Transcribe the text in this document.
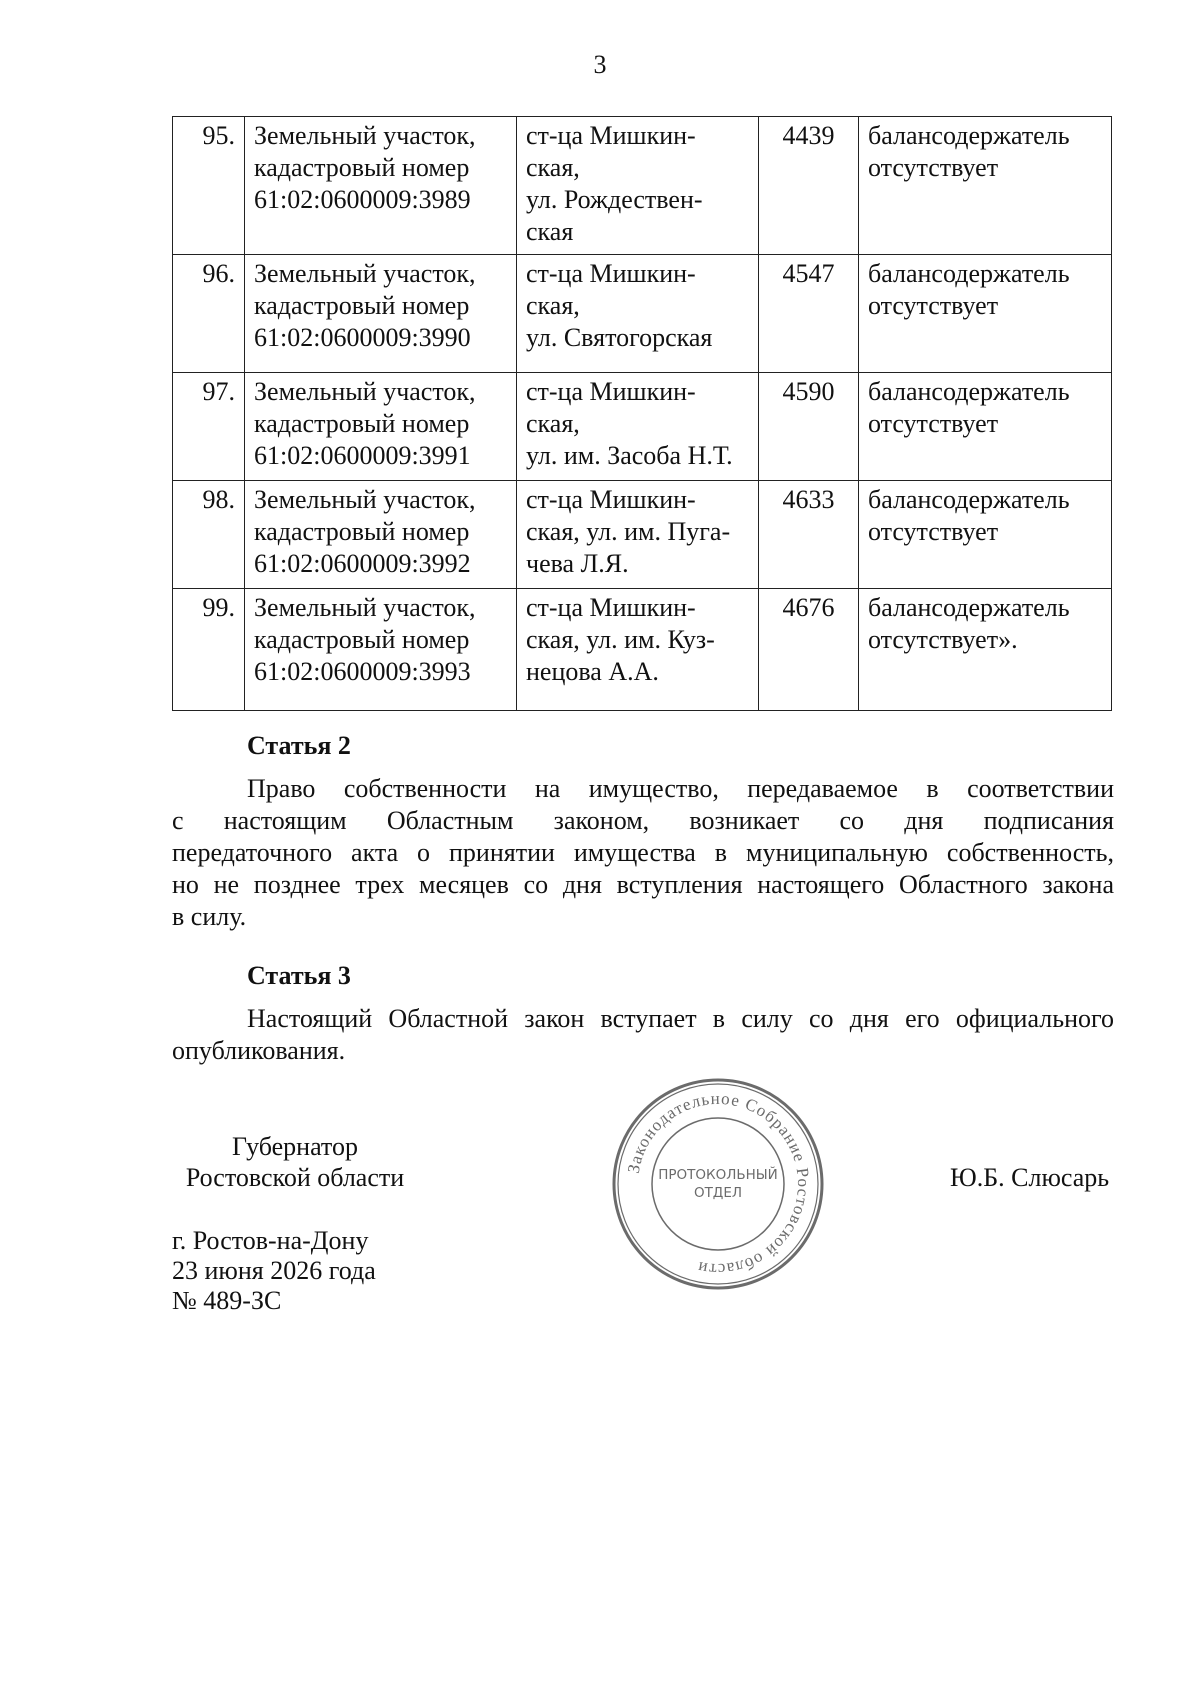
3
95.	Земельный участок,
кадастровый номер
61:02:0600009:3989	ст-ца Мишкин-
ская,
ул. Рождествен-
ская	4439	балансодержатель
отсутствует

96.	Земельный участок,
кадастровый номер
61:02:0600009:3990	ст-ца Мишкин-
ская,
ул. Святогорская	4547	балансодержатель
отсутствует

97.	Земельный участок,
кадастровый номер
61:02:0600009:3991	ст-ца Мишкин-
ская,
ул. им. Засоба Н.Т.	4590	балансодержатель
отсутствует

98.	Земельный участок,
кадастровый номер
61:02:0600009:3992	ст-ца Мишкин-
ская, ул. им. Пуга-
чева Л.Я.	4633	балансодержатель
отсутствует

99.	Земельный участок,
кадастровый номер
61:02:0600009:3993	ст-ца Мишкин-
ская, ул. им. Куз-
нецова А.А.	4676	балансодержатель
отсутствует».
Статья 2
Право собственности на имущество, передаваемое в соответствии
с настоящим Областным законом, возникает со дня подписания
передаточного акта о принятии имущества в муниципальную собственность,
но не позднее трех месяцев со дня вступления настоящего Областного закона
в силу.
Статья 3
Настоящий Областной закон вступает в силу со дня его официального
опубликования.
Губернатор
Ростовской области	Ю.Б. Слюсарь
Законодательное Собрание Ростовской области
ПРОТОКОЛЬНЫЙ
ОТДЕЛ
г. Ростов-на-Дону
23 июня 2026 года
№ 489-ЗС
